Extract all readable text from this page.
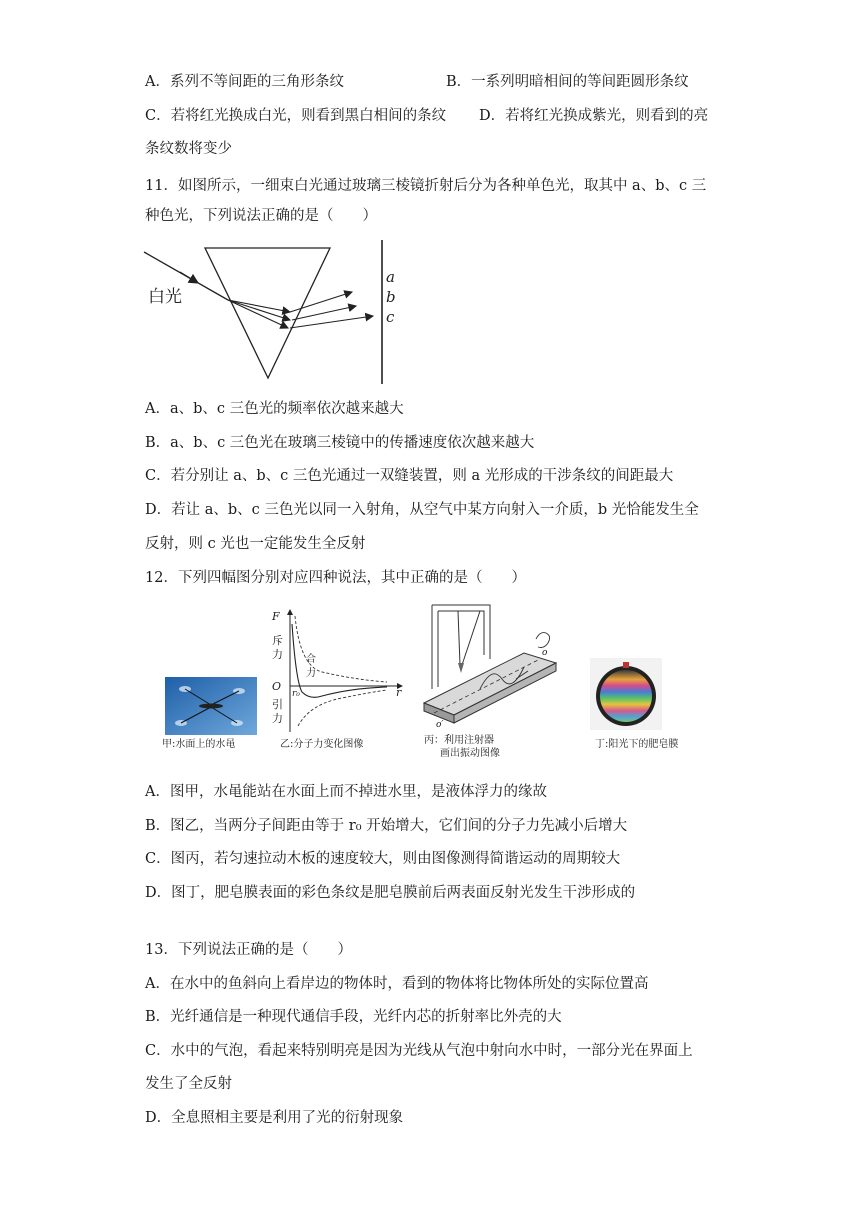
A．系列不等间距的三角形条纹	B．一系列明暗相间的等间距圆形条纹
C．若将红光换成白光，则看到黑白相间的条纹 D．若将红光换成紫光，则看到的亮
条纹数将变少
11．如图所示，一细束白光通过玻璃三棱镜折射后分为各种单色光，取其中 a、b、c 三
种色光，下列说法正确的是（　　）
白光
a
b
c
A．a、b、c 三色光的频率依次越来越大
B．a、b、c 三色光在玻璃三棱镜中的传播速度依次越来越大
C．若分别让 a、b、c 三色光通过一双缝装置，则 a 光形成的干涉条纹的间距最大
D．若让 a、b、c 三色光以同一入射角，从空气中某方向射入一介质，b 光恰能发生全
反射，则 c 光也一定能发生全反射
12．下列四幅图分别对应四种说法，其中正确的是（　　）
甲:水面上的水黾
F
斥
力 合
力
O
r₀	r
引
力
乙:分子力变化图像
o
o′
丙：利用注射器
画出振动图像
丁:阳光下的肥皂膜
A．图甲，水黾能站在水面上而不掉进水里，是液体浮力的缘故
B．图乙，当两分子间距由等于 r₀ 开始增大，它们间的分子力先减小后增大
C．图丙，若匀速拉动木板的速度较大，则由图像测得简谐运动的周期较大
D．图丁，肥皂膜表面的彩色条纹是肥皂膜前后两表面反射光发生干涉形成的
13．下列说法正确的是（　　）
A．在水中的鱼斜向上看岸边的物体时，看到的物体将比物体所处的实际位置高
B．光纤通信是一种现代通信手段，光纤内芯的折射率比外壳的大
C．水中的气泡，看起来特别明亮是因为光线从气泡中射向水中时，一部分光在界面上
发生了全反射
D．全息照相主要是利用了光的衍射现象
